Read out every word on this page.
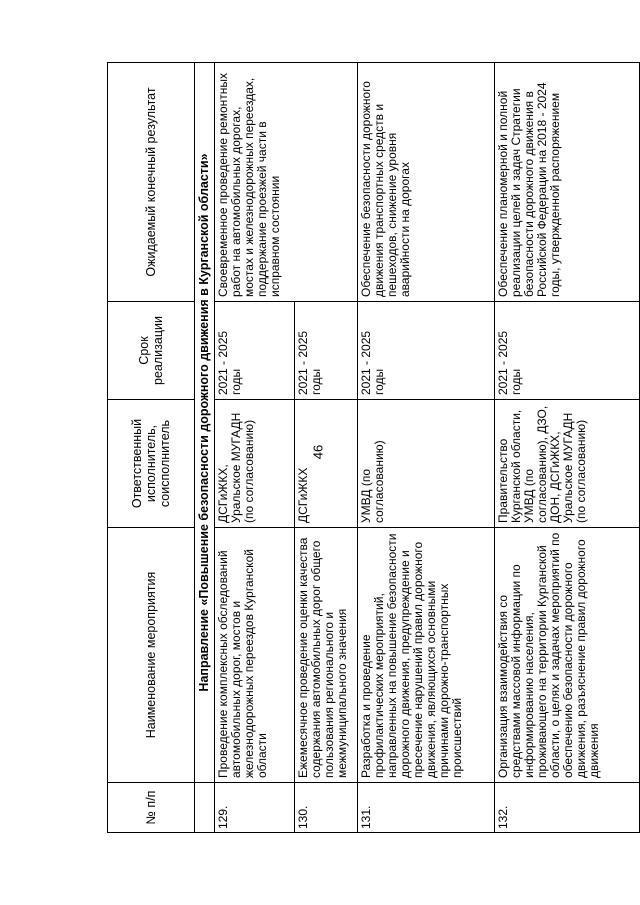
46
№ п/п	Наименование мероприятия	Ответственный исполнитель, соисполнитель	Срок реализации	Ожидаемый конечный результат
	Направление «Повышение безопасности дорожного движения в Курганской области»			
129.	Проведение комплексных обследований автомобильных дорог, мостов и железнодорожных переездов Курганской области	ДСГиЖКХ, Уральское МУГАДН (по согласованию)	2021 - 2025 годы	Своевременное проведение ремонтных работ на автомобильных дорогах, мостах и железнодорожных переездах, поддержание проезжей части в исправном состоянии
130.	Ежемесячное проведение оценки качества содержания автомобильных дорог общего пользования регионального и межмуниципального значения	ДСГиЖКХ	2021 - 2025 годы	
131.	Разработка и проведение профилактических мероприятий, направленных на повышение безопасности дорожного движения, предупреждение и пресечение нарушений правил дорожного движения, являющихся основными причинами дорожно-транспортных происшествий	УМВД (по согласованию)	2021 - 2025 годы	Обеспечение безопасности дорожного движения транспортных средств и пешеходов, снижение уровня аварийности на дорогах
132.	Организация взаимодействия со средствами массовой информации по информированию населения, проживающего на территории Курганской области, о целях и задачах мероприятий по обеспечению безопасности дорожного движения, разъяснение правил дорожного движения	Правительство Курганской области, УМВД (по согласованию), ДЗО, ДОН, ДСГиЖКХ, Уральское МУГАДН (по согласованию)	2021 - 2025 годы	Обеспечение планомерной и полной реализации целей и задач Стратегии безопасности дорожного движения в Российской Федерации на 2018 - 2024 годы, утвержденной распоряжением
